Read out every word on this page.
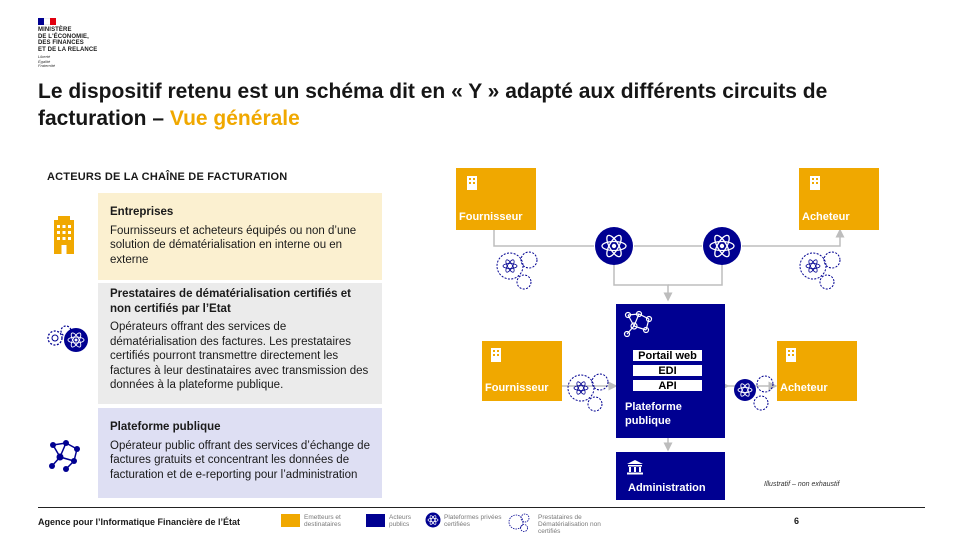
MINISTÈRE
DE L'ÉCONOMIE,
DES FINANCES
ET DE LA RELANCE
Liberté
Égalité
Fraternité
Le dispositif retenu est un schéma dit en « Y » adapté aux différents circuits de facturation – Vue générale
ACTEURS DE LA CHAÎNE DE FACTURATION
Entreprises
Fournisseurs et acheteurs équipés ou non d’une solution de dématérialisation en interne ou en externe
Prestataires de dématérialisation certifiés et non certifiés par l’Etat
Opérateurs offrant des services de dématérialisation des factures. Les prestataires certifiés pourront transmettre directement les factures à leur destinataires avec transmission des données à la plateforme publique.
Plateforme publique
Opérateur public offrant des services d’échange de factures gratuits et concentrant les données de facturation et de e-reporting pour l’administration
Fournisseur	Acheteur
Portail web
EDI
API
Plateforme publique
Fournisseur	Acheteur
Administration	Illustratif – non exhaustif
Agence pour l’Informatique Financière de l’État	Emetteurs et destinataires
Acteurs publics
Plateformes privées certifiées
Prestataires de Dématérialisation non certifiés
6
